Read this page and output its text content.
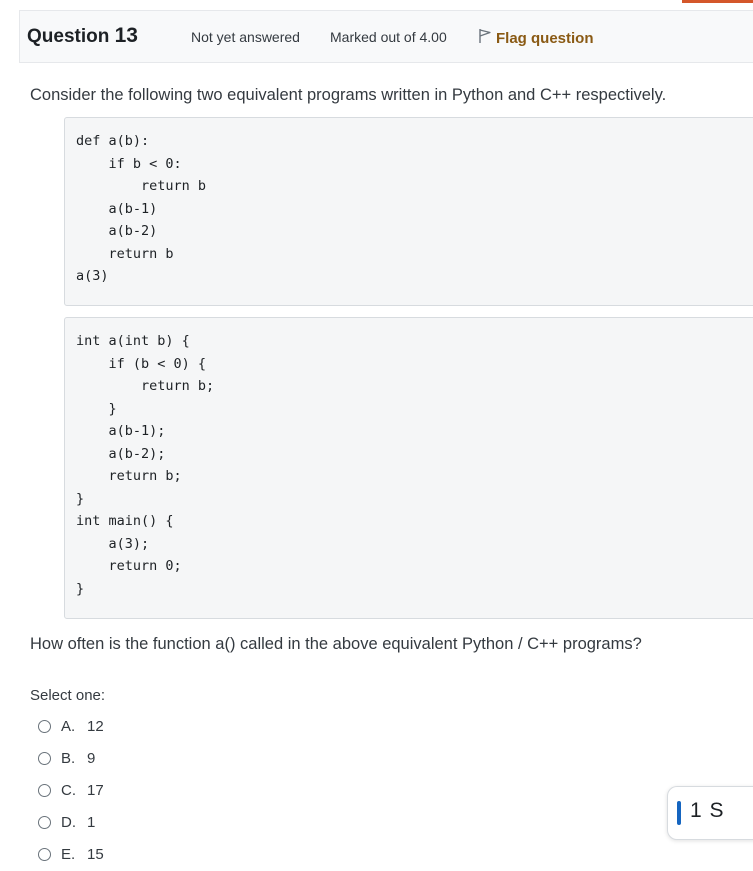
Question 13	Not yet answered Marked out of 4.00	Flag question
Consider the following two equivalent programs written in Python and C++ respectively.
def a(b):
if b < 0:
return b
a(b-1)
a(b-2)
return b
a(3)
int a(int b) {
if (b < 0) {
return b;
}
a(b-1);
a(b-2);
return b;
}
int main() {
a(3);
return 0;
}
How often is the function a() called in the above equivalent Python / C++ programs?
Select one:
A. 12
B. 9
C. 17
D. 1
E. 15
1 S
